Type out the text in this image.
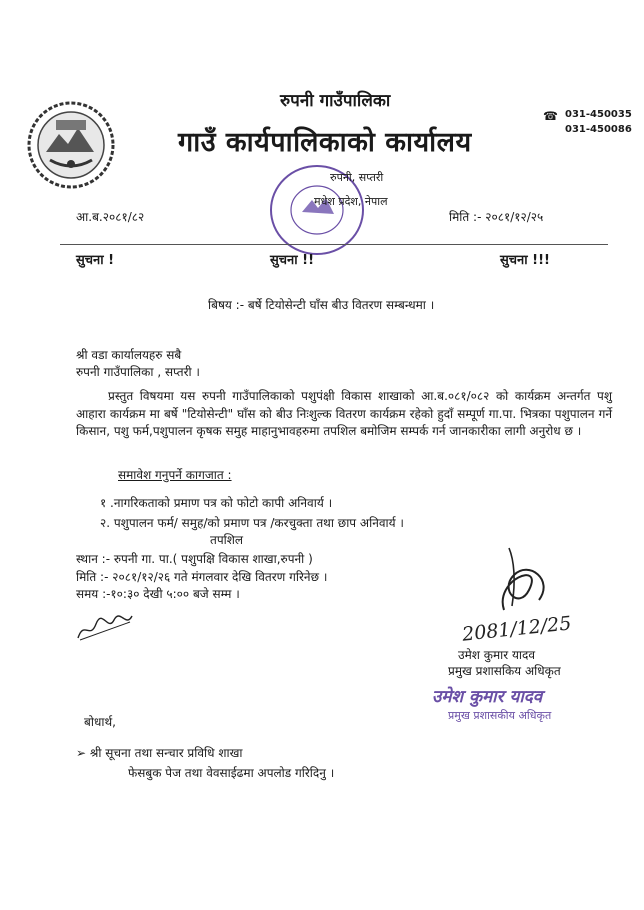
रुपनी गाउँपालिका
गाउँ कार्यपालिकाको कार्यालय
☎ 031-450035
031-450086
रुपनी, सप्तरी
मधेश प्रदेश, नेपाल
आ.ब.२०८१/८२	मिति :- २०८१/१२/२५
सुचना !	सुचना !!	सुचना !!!
बिषय :- बर्षे टियोसेन्टी घाँस बीउ वितरण सम्बन्धमा ।
श्री वडा कार्यालयहरु सबै
रुपनी गाउँपालिका , सप्तरी ।
प्रस्तुत विषयमा यस रुपनी गाउँपालिकाको पशुपंक्षी विकास शाखाको आ.ब.०८१/०८२ को कार्यक्रम अन्तर्गत पशु आहारा कार्यक्रम मा बर्षे "टियोसेन्टी" घाँस को बीउ निःशुल्क वितरण कार्यक्रम रहेको हुदाँ सम्पूर्ण गा.पा. भित्रका पशुपालन गर्ने किसान, पशु फर्म,पशुपालन कृषक समुह माहानुभावहरुमा तपशिल बमोजिम सम्पर्क गर्न जानकारीका लागी अनुरोध छ ।
समावेश गनुपर्ने कागजात :
१ .नागरिकताको प्रमाण पत्र को फोटो कापी अनिवार्य ।
२. पशुपालन फर्म/ समुह/को प्रमाण पत्र /करचुक्ता तथा छाप अनिवार्य ।
तपशिल
स्थान :- रुपनी गा. पा.( पशुपक्षि विकास शाखा,रुपनी )
मिति :- २०८१/१२/२६ गते मंगलवार देखि वितरण गरिनेछ ।
समय :-१०:३० देखी ५:०० बजे सम्म ।
2081/12/25
उमेश कुमार यादव
प्रमुख प्रशासकिय अधिकृत
उमेश कुमार यादव
प्रमुख प्रशासकीय अधिकृत
बोधार्थ,
➢ श्री सूचना तथा सन्चार प्रविधि शाखा
फेसबुक पेज तथा वेवसाईढमा अपलोड गरिदिनु ।
